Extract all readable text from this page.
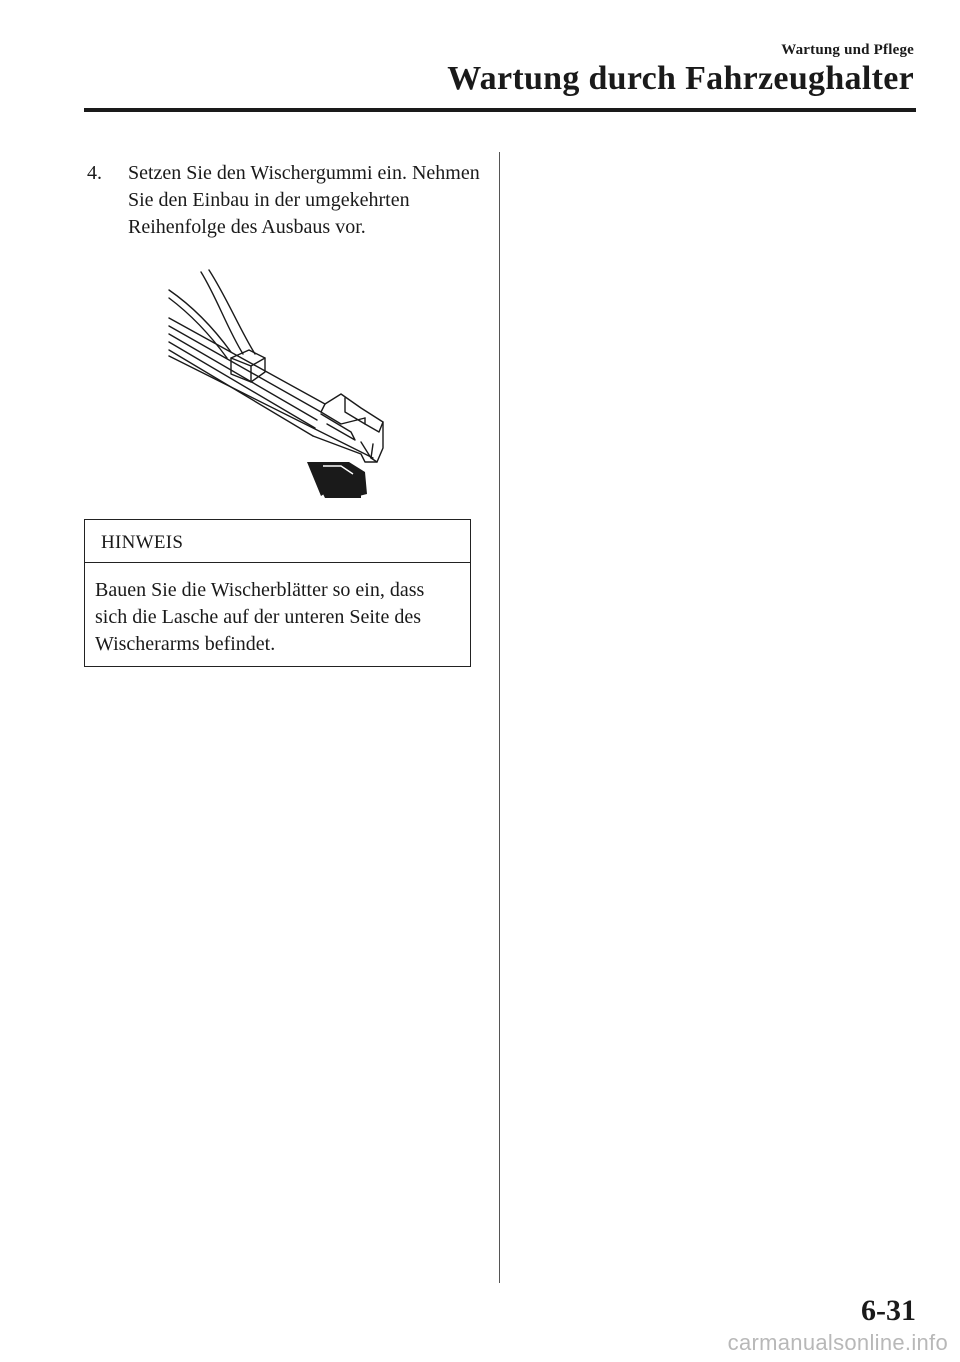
Wartung und Pflege
Wartung durch Fahrzeughalter
4. Setzen Sie den Wischergummi ein. Nehmen Sie den Einbau in der umgekehrten Reihenfolge des Ausbaus vor.
HINWEIS
Bauen Sie die Wischerblätter so ein, dass sich die Lasche auf der unteren Seite des Wischerarms befindet.
6-31
carmanualsonline.info
